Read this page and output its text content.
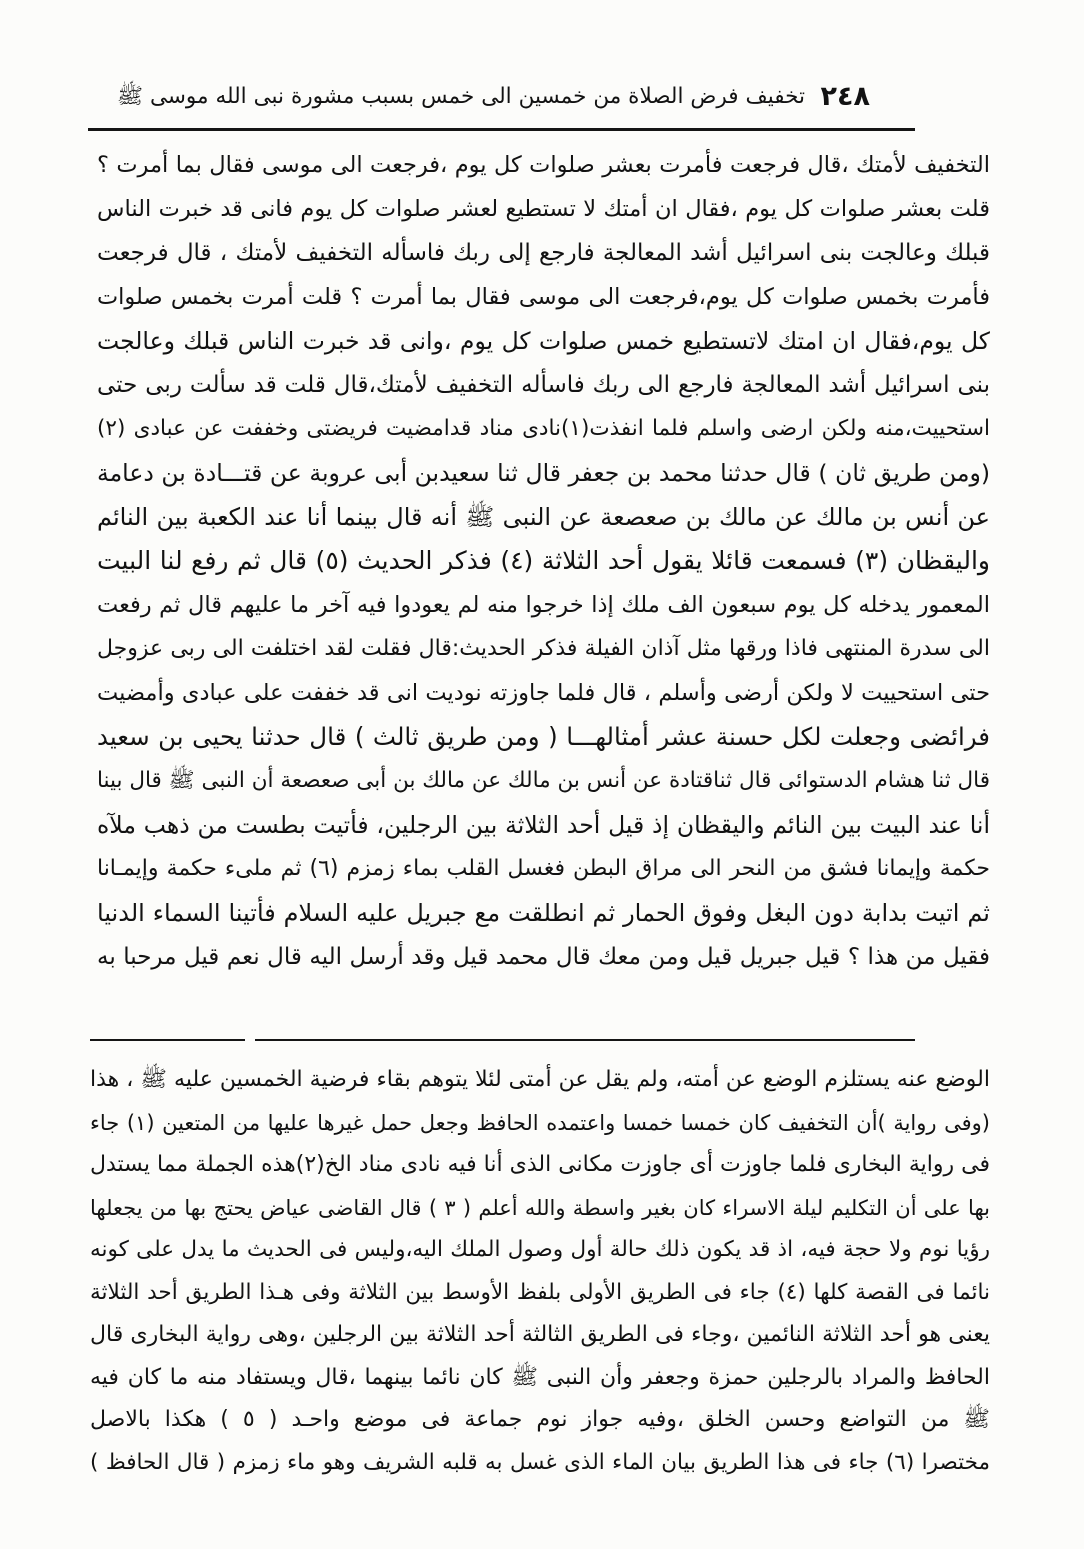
٢٤٨
تخفيف فرض الصلاة من خمسين الى خمس بسبب مشورة نبى الله موسى ﷺ
التخفيف لأمتك ،قال فرجعت فأمرت بعشر صلوات كل يوم ،فرجعت الى موسى فقال بما أمرت ؟
قلت بعشر صلوات كل يوم ،فقال ان أمتك لا تستطيع لعشر صلوات كل يوم فانى قد خبرت الناس
قبلك وعالجت بنى اسرائيل أشد المعالجة فارجع إلى ربك فاسأله التخفيف لأمتك ، قال فرجعت
فأمرت بخمس صلوات كل يوم،فرجعت الى موسى فقال بما أمرت ؟ قلت أمرت بخمس صلوات
كل يوم،فقال ان امتك لاتستطيع خمس صلوات كل يوم ،وانى قد خبرت الناس قبلك وعالجت
بنى اسرائيل أشد المعالجة فارجع الى ربك فاسأله التخفيف لأمتك،قال قلت قد سألت ربى حتى
استحييت،منه ولكن ارضى واسلم فلما انفذت(١)نادى مناد قدامضيت فريضتى وخففت عن عبادى (٢)
(ومن طريق ثان ) قال حدثنا محمد بن جعفر قال ثنا سعيدبن أبى عروبة عن قتـــادة بن دعامة
عن أنس بن مالك عن مالك بن صعصعة عن النبى ﷺ أنه قال بينما أنا عند الكعبة بين النائم
واليقظان (٣) فسمعت قائلا يقول أحد الثلاثة (٤) فذكر الحديث (٥) قال ثم رفع لنا البيت
المعمور يدخله كل يوم سبعون الف ملك إذا خرجوا منه لم يعودوا فيه آخر ما عليهم قال ثم رفعت
الى سدرة المنتهى فاذا ورقها مثل آذان الفيلة فذكر الحديث:قال فقلت لقد اختلفت الى ربى عزوجل
حتى استحييت لا ولكن أرضى وأسلم ، قال فلما جاوزته نوديت انى قد خففت على عبادى وأمضيت
فرائضى وجعلت لكل حسنة عشر أمثالهـــا ( ومن طريق ثالث ) قال حدثنا يحيى بن سعيد
قال ثنا هشام الدستوائى قال ثناقتادة عن أنس بن مالك عن مالك بن أبى صعصعة أن النبى ﷺ قال بينا
أنا عند البيت بين النائم واليقظان إذ قيل أحد الثلاثة بين الرجلين، فأتيت بطست من ذهب ملآه
حكمة وإيمانا فشق من النحر الى مراق البطن فغسل القلب بماء زمزم (٦) ثم ملىء حكمة وإيمـانا
ثم اتيت بدابة دون البغل وفوق الحمار ثم انطلقت مع جبريل عليه السلام فأتينا السماء الدنيا
فقيل من هذا ؟ قيل جبريل قيل ومن معك قال محمد قيل وقد أرسل اليه قال نعم قيل مرحبا به
الوضع عنه يستلزم الوضع عن أمته، ولم يقل عن أمتى لئلا يتوهم بقاء فرضية الخمسين عليه ﷺ ، هذا
(وفى رواية )أن التخفيف كان خمسا خمسا واعتمده الحافظ وجعل حمل غيرها عليها من المتعين (١) جاء
فى رواية البخارى فلما جاوزت أى جاوزت مكانى الذى أنا فيه نادى مناد الخ(٢)هذه الجملة مما يستدل
بها على أن التكليم ليلة الاسراء كان بغير واسطة والله أعلم ( ٣ ) قال القاضى عياض يحتج بها من يجعلها
رؤيا نوم ولا حجة فيه، اذ قد يكون ذلك حالة أول وصول الملك اليه،وليس فى الحديث ما يدل على كونه
نائما فى القصة كلها (٤) جاء فى الطريق الأولى بلفظ الأوسط بين الثلاثة وفى هـذا الطريق أحد الثلاثة
يعنى هو أحد الثلاثة النائمين ،وجاء فى الطريق الثالثة أحد الثلاثة بين الرجلين ،وهى رواية البخارى قال
الحافظ والمراد بالرجلين حمزة وجعفر وأن النبى ﷺ كان نائما بينهما ،قال ويستفاد منه ما كان فيه
ﷺ من التواضع وحسن الخلق ،وفيه جواز نوم جماعة فى موضع واحـد ( ٥ ) هكذا بالاصل
مختصرا (٦) جاء فى هذا الطريق بيان الماء الذى غسل به قلبه الشريف وهو ماء زمزم ( قال الحافظ )
